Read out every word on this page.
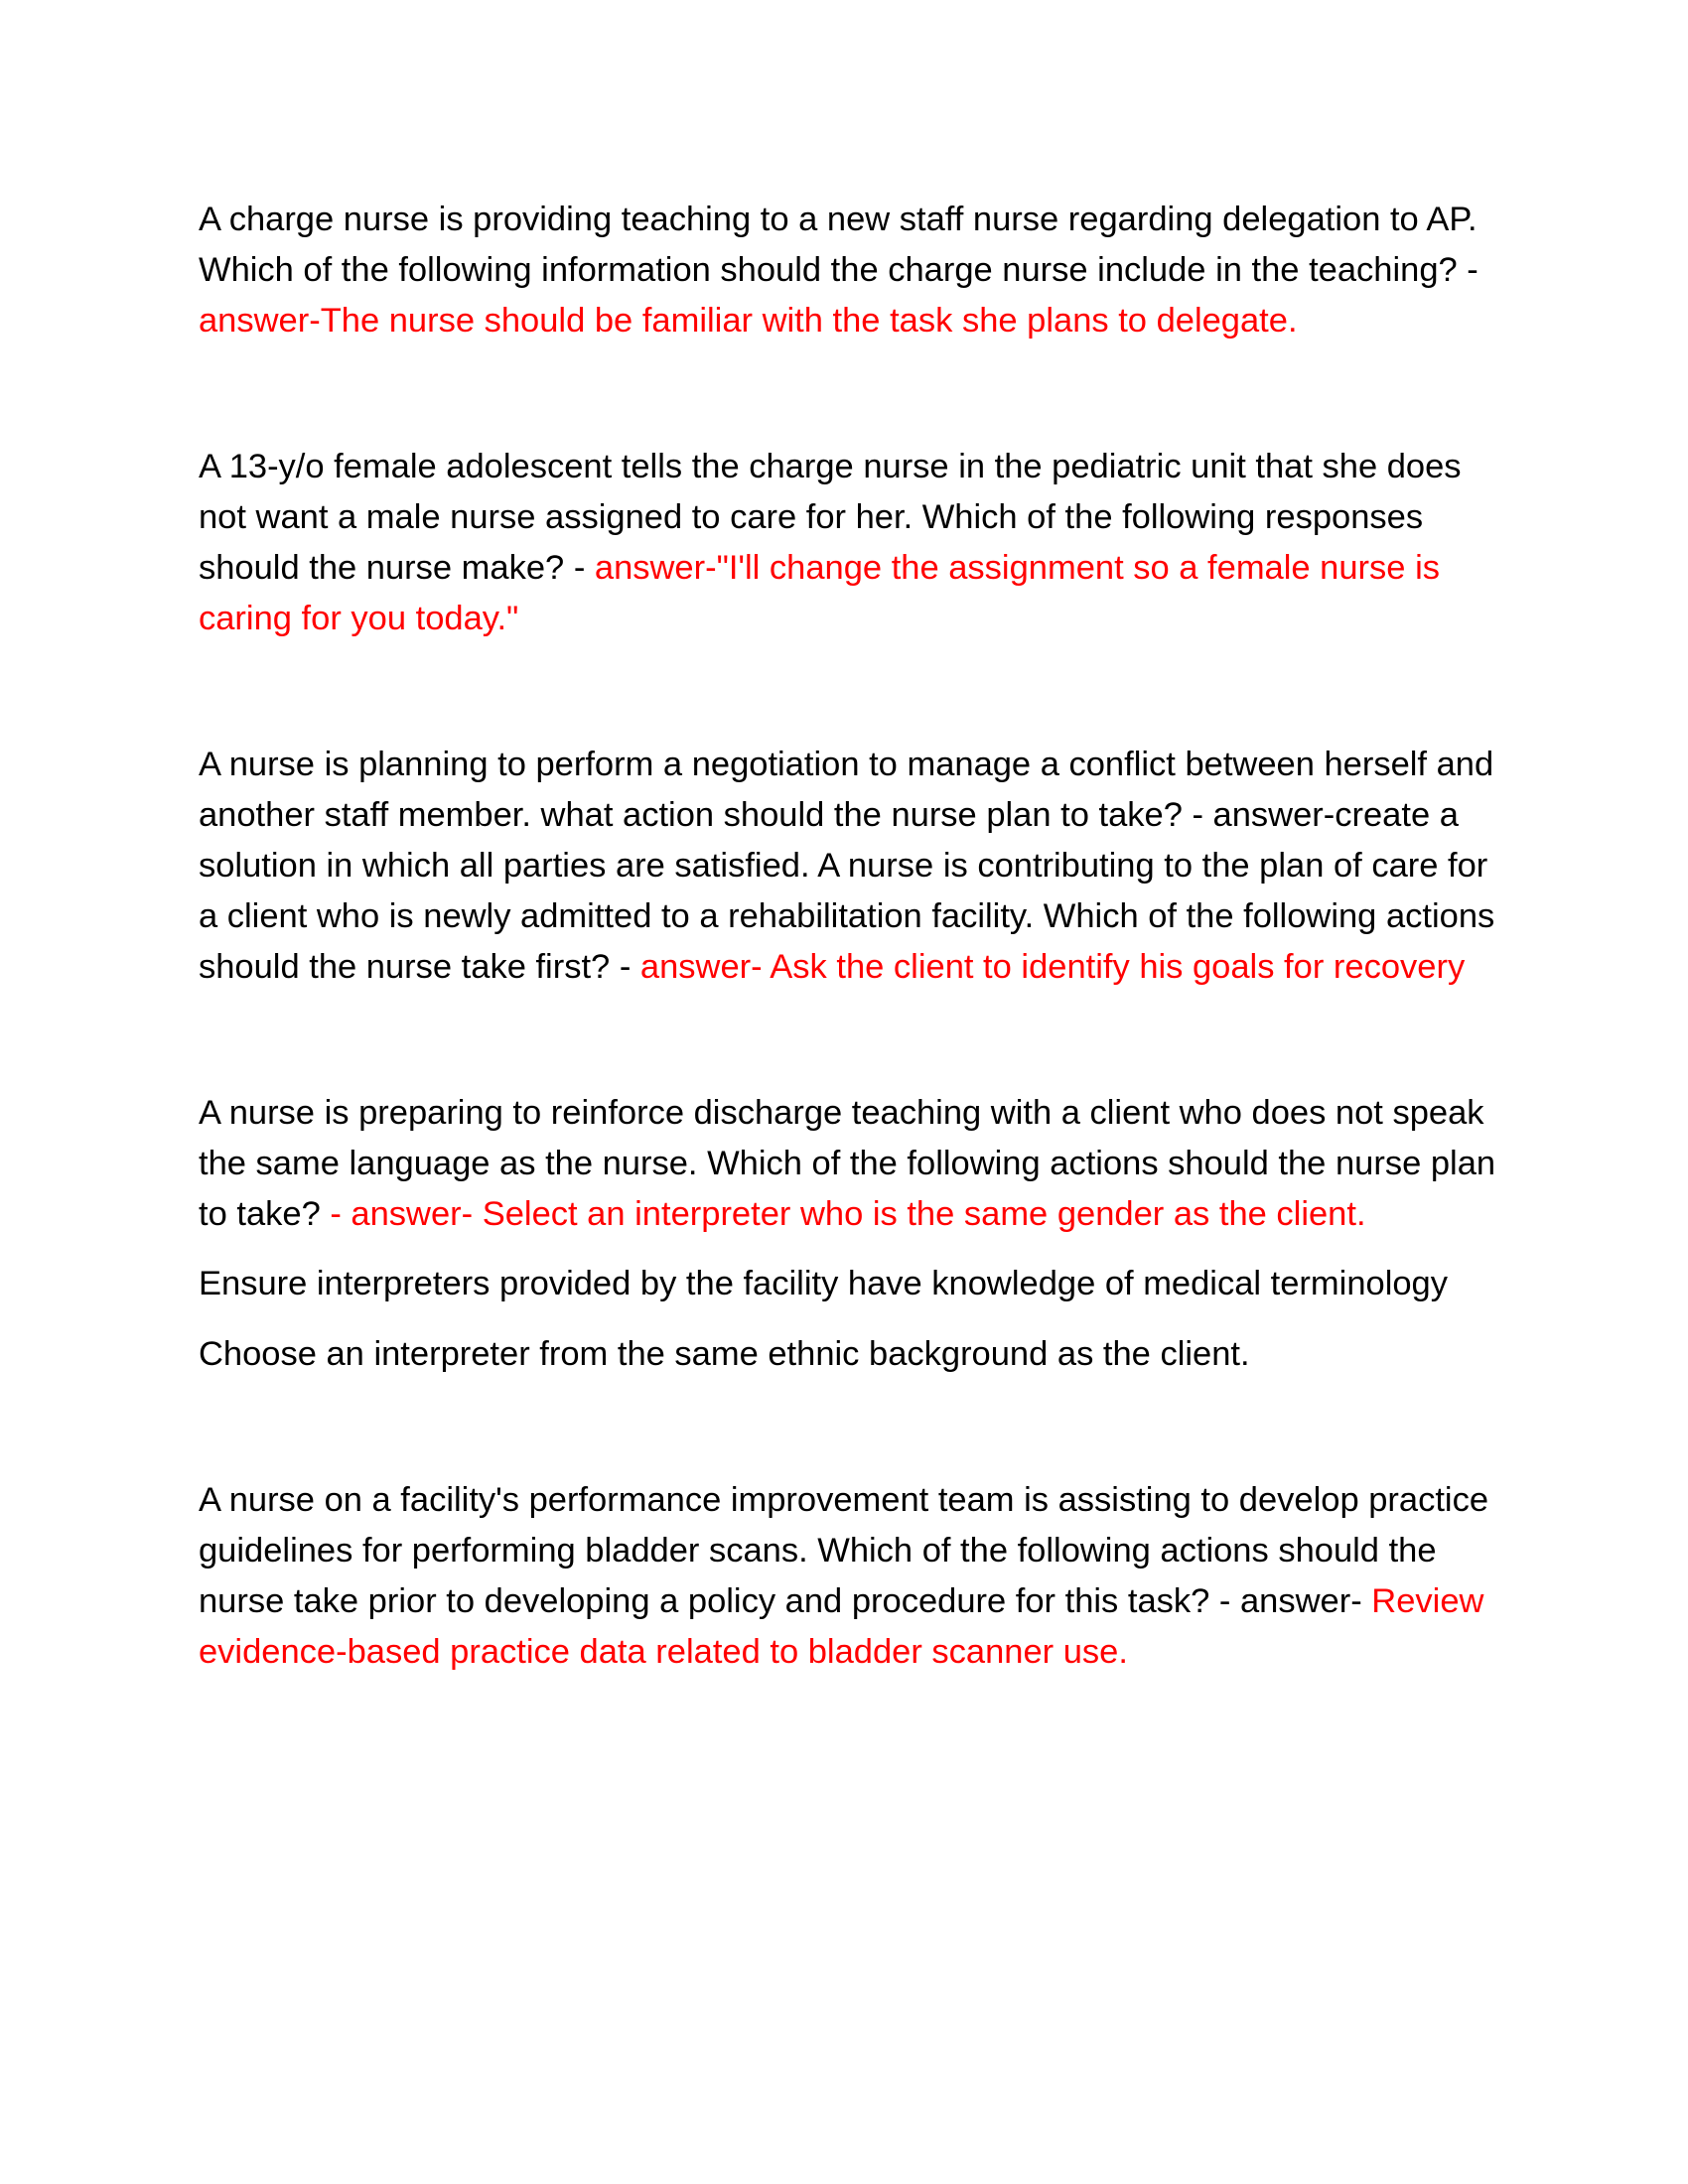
A charge nurse is providing teaching to a new staff nurse regarding delegation to AP. Which of the following information should the charge nurse include in the teaching? - answer-The nurse should be familiar with the task she plans to delegate.

A 13-y/o female adolescent tells the charge nurse in the pediatric unit that she does not want a male nurse assigned to care for her. Which of the following responses should the nurse make? - answer-"I'll change the assignment so a female nurse is caring for you today."

A nurse is planning to perform a negotiation to manage a conflict between herself and another staff member. what action should the nurse plan to take? - answer-create a solution in which all parties are satisfied. A nurse is contributing to the plan of care for a client who is newly admitted to a rehabilitation facility. Which of the following actions should the nurse take first? - answer- Ask the client to identify his goals for recovery

A nurse is preparing to reinforce discharge teaching with a client who does not speak the same language as the nurse. Which of the following actions should the nurse plan to take? - answer- Select an interpreter who is the same gender as the client.

Ensure interpreters provided by the facility have knowledge of medical terminology

Choose an interpreter from the same ethnic background as the client.

A nurse on a facility's performance improvement team is assisting to develop practice guidelines for performing bladder scans. Which of the following actions should the nurse take prior to developing a policy and procedure for this task? - answer- Review evidence-based practice data related to bladder scanner use.
